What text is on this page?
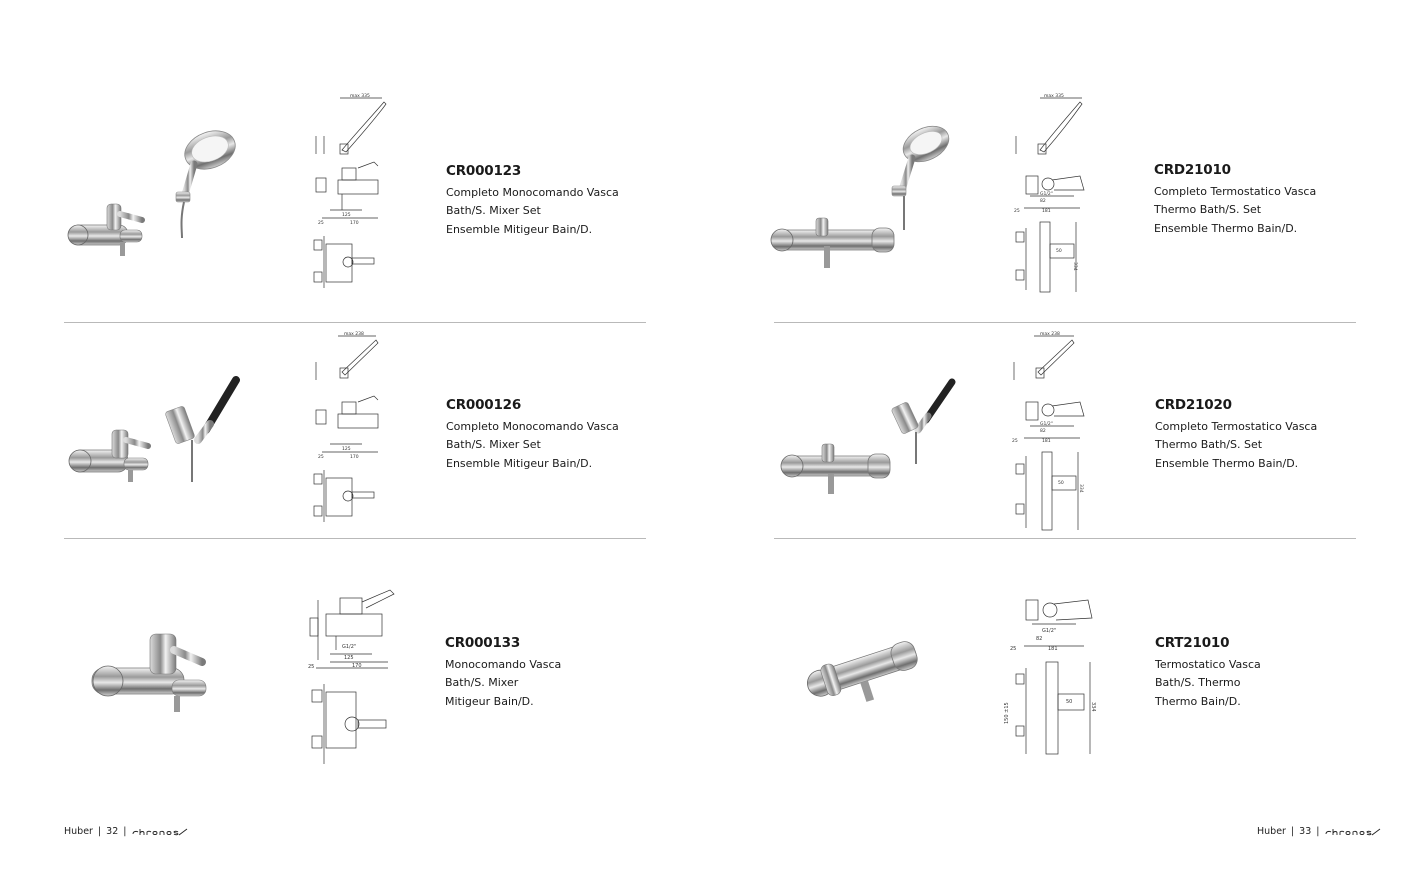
max 335
125
170
25
CR000123
Completo Monocomando Vasca
Bath/S. Mixer Set
Ensemble Mitigeur Bain/D.
max 238
125
170
25
CR000126
Completo Monocomando Vasca
Bath/S. Mixer Set
Ensemble Mitigeur Bain/D.
G1/2"
125
170
25
CR000133
Monocomando Vasca
Bath/S. Mixer
Mitigeur Bain/D.
max 335
G1/2"
82
181
25
50
334
CRD21010
Completo Termostatico Vasca
Thermo Bath/S. Set
Ensemble Thermo Bain/D.
max 238
G1/2"
82
181
25
50
334
CRD21020
Completo Termostatico Vasca
Thermo Bath/S. Set
Ensemble Thermo Bain/D.
G1/2"
82
181
25
50	334
150 ±15
CRT21010
Termostatico Vasca
Bath/S. Thermo
Thermo Bain/D.
Huber | 32 |	Huber | 33 |
